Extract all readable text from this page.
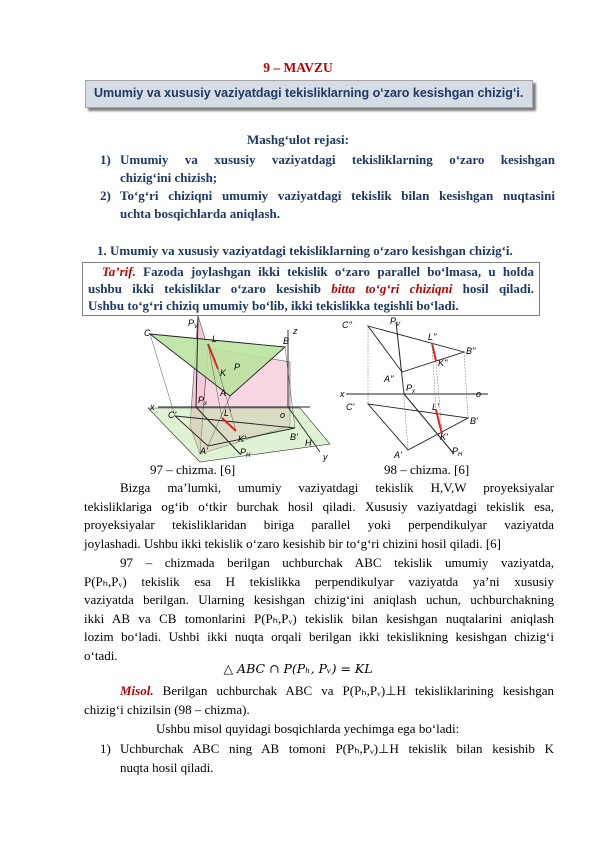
9 – MAVZU
Umumiy va xususiy vaziyatdagi tekisliklarning o‘zaro kesishgan chizig‘i.
Mashg‘ulot rejasi:
1) Umumiy va xususiy vaziyatdagi tekisliklarning o‘zaro kesishgan
chizig‘ini chizish;
2) To‘g‘ri chiziqni umumiy vaziyatdagi tekislik bilan kesishgan nuqtasini
uchta bosqichlarda aniqlash.
1. Umumiy va xususiy vaziyatdagi tekisliklarning o‘zaro kesishgan chizig‘i.
Ta’rif. Fazoda joylashgan ikki tekislik o‘zaro parallel bo‘lmasa, u holda
ushbu ikki tekisliklar o‘zaro kesishib bitta to‘g‘ri chiziqni hosil qiladi.
Ushbu to‘g‘ri chiziq umumiy bo‘lib, ikki tekislikka tegishli bo‘ladi.
C
$P_V$	z
B
L
K
P
A
$P_x$
x
o
C'	L'
A'
K'	B'
$P_H$
H
y
C''	$P_V$
L''
B''
K''
A''
x
$P_x$	o
C'	L'
B'
K'
A'	$P_H$
97 – chizma. [6]	98 – chizma. [6]
Bizga ma’lumki, umumiy vaziyatdagi tekislik H,V,W proyeksiyalar
tekisliklariga og‘ib o‘tkir burchak hosil qiladi. Xususiy vaziyatdagi tekislik esa,
proyeksiyalar tekisliklaridan biriga parallel yoki perpendikulyar vaziyatda
joylashadi. Ushbu ikki tekislik o‘zaro kesishib bir to‘g‘ri chizini hosil qiladi. [6]
97 – chizmada berilgan uchburchak ABC tekislik umumiy vaziyatda,
P(Pₕ,Pᵥ) tekislik esa H tekislikka perpendikulyar vaziyatda ya’ni xususiy
vaziyatda berilgan. Ularning kesishgan chizig‘ini aniqlash uchun, uchburchakning
ikki AB va CB tomonlarini P(Pₕ,Pᵥ) tekislik bilan kesishgan nuqtalarini aniqlash
lozim bo‘ladi. Ushbi ikki nuqta orqali berilgan ikki tekislikning kesishgan chizig‘i
o‘tadi.
△ ABC ∩ P(Pₕ, Pᵥ) = KL
Misol. Berilgan uchburchak ABC va P(Pₕ,Pᵥ)⊥H tekisliklarining kesishgan
chizig‘i chizilsin (98 – chizma).
Ushbu misol quyidagi bosqichlarda yechimga ega bo‘ladi:
1) Uchburchak ABC ning AB tomoni P(Pₕ,Pᵥ)⊥H tekislik bilan kesishib K
nuqta hosil qiladi.
